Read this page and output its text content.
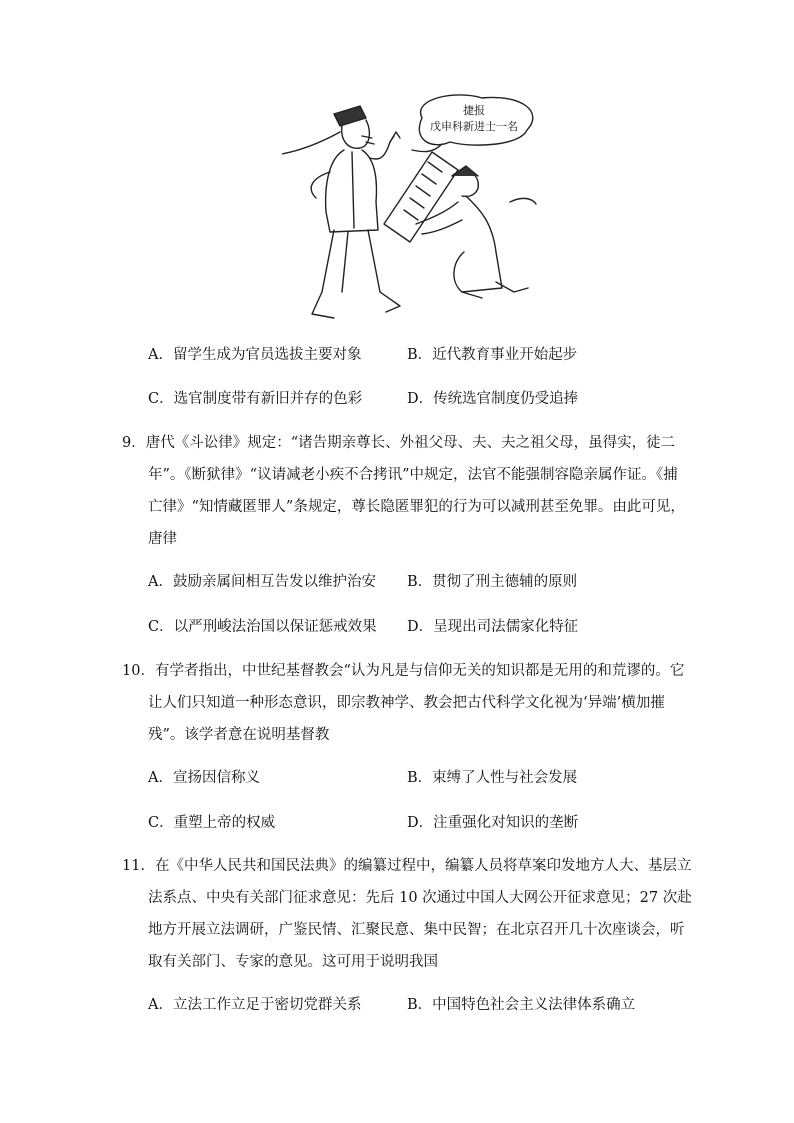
捷报
戊申科新进士一名
A．留学生成为官员选拔主要对象	B．近代教育事业开始起步
C．选官制度带有新旧并存的色彩	D．传统选官制度仍受追捧
9．唐代《斗讼律》规定：“诸告期亲尊长、外祖父母、夫、夫之祖父母，虽得实，徒二
年”。《断狱律》“议请减老小疾不合拷讯”中规定，法官不能强制容隐亲属作证。《捕
亡律》“知情藏匿罪人”条规定，尊长隐匿罪犯的行为可以减刑甚至免罪。由此可见，
唐律
A．鼓励亲属间相互告发以维护治安 B．贯彻了刑主德辅的原则
C．以严刑峻法治国以保证惩戒效果 D．呈现出司法儒家化特征
10．有学者指出，中世纪基督教会“认为凡是与信仰无关的知识都是无用的和荒谬的。它
让人们只知道一种形态意识，即宗教神学、教会把古代科学文化视为‘异端’横加摧
残”。该学者意在说明基督教
A．宣扬因信称义	B．束缚了人性与社会发展
C．重塑上帝的权威	D．注重强化对知识的垄断
11．在《中华人民共和国民法典》的编纂过程中，编纂人员将草案印发地方人大、基层立
法系点、中央有关部门征求意见：先后 10 次通过中国人大网公开征求意见；27 次赴
地方开展立法调研，广鉴民情、汇聚民意、集中民智；在北京召开几十次座谈会，听
取有关部门、专家的意见。这可用于说明我国
A．立法工作立足于密切党群关系	B．中国特色社会主义法律体系确立
